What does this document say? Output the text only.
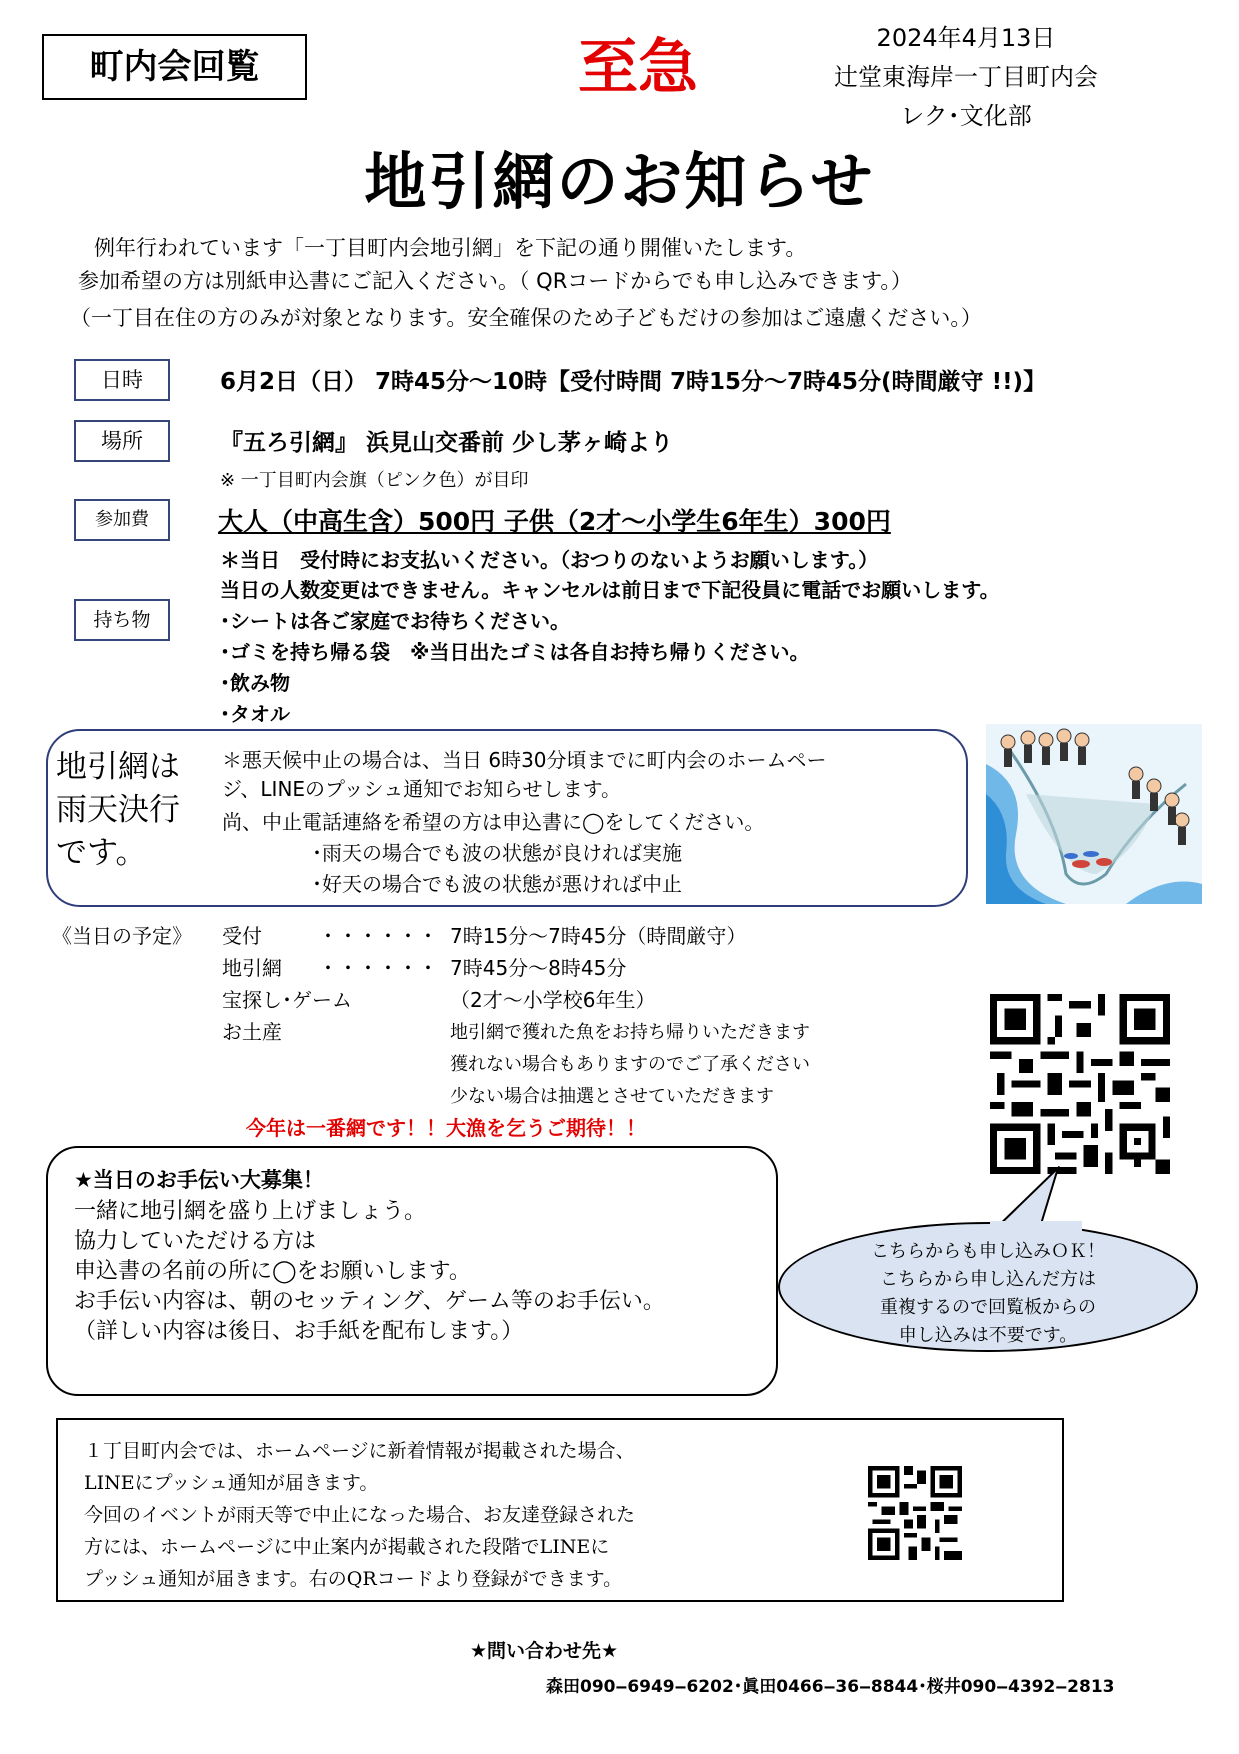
町内会回覧	至急	2024年4月13日
辻堂東海岸一丁目町内会
レク･文化部
地引網のお知らせ
例年行われています「一丁目町内会地引網」を下記の通り開催いたします。
参加希望の方は別紙申込書にご記入ください。（ QRコードからでも申し込みできます。）
（一丁目在住の方のみが対象となります。安全確保のため子どもだけの参加はご遠慮ください。）
日時	6月2日（日） 7時45分～10時【受付時間 7時15分～7時45分(時間厳守 !!)】
場所	『五ろ引網』 浜見山交番前 少し茅ヶ崎より
※ 一丁目町内会旗（ピンク色）が目印
参加費	大人（中高生含）500円 子供（2才～小学生6年生）300円
＊当日　受付時にお支払いください。（おつりのないようお願いします。）
当日の人数変更はできません。キャンセルは前日まで下記役員に電話でお願いします。
持ち物	･シートは各ご家庭でお待ちください。
･ゴミを持ち帰る袋　※当日出たゴミは各自お持ち帰りください。
･飲み物
･タオル
地引網は
雨天決行
です。
＊悪天候中止の場合は、当日 6時30分頃までに町内会のホームペー
ジ、LINEのプッシュ通知でお知らせします。
尚、中止電話連絡を希望の方は申込書に◯をしてください。
･雨天の場合でも波の状態が良ければ実施
･好天の場合でも波の状態が悪ければ中止
《当日の予定》 受付	・・・・・・ 7時15分～7時45分（時間厳守）
地引網 ・・・・・・ 7時45分～8時45分
宝探し･ゲーム	（2才～小学校6年生）
お土産	地引網で獲れた魚をお持ち帰りいただきます
獲れない場合もありますのでご了承ください
少ない場合は抽選とさせていただきます
今年は一番網です！！大漁を乞うご期待！！
★当日のお手伝い大募集！
一緒に地引網を盛り上げましょう。
協力していただける方は
申込書の名前の所に◯をお願いします。
お手伝い内容は、朝のセッティング、ゲーム等のお手伝い。
（詳しい内容は後日、お手紙を配布します。）
こちらからも申し込みＯＫ！
こちらから申し込んだ方は
重複するので回覧板からの
申し込みは不要です。
１丁目町内会では、ホームページに新着情報が掲載された場合、
LINEにプッシュ通知が届きます。
今回のイベントが雨天等で中止になった場合、お友達登録された
方には、ホームページに中止案内が掲載された段階でLINEに
プッシュ通知が届きます。右のQRコードより登録ができます。
★問い合わせ先★
森田090‒6949‒6202･眞田0466‒36‒8844･桜井090‒4392‒2813
